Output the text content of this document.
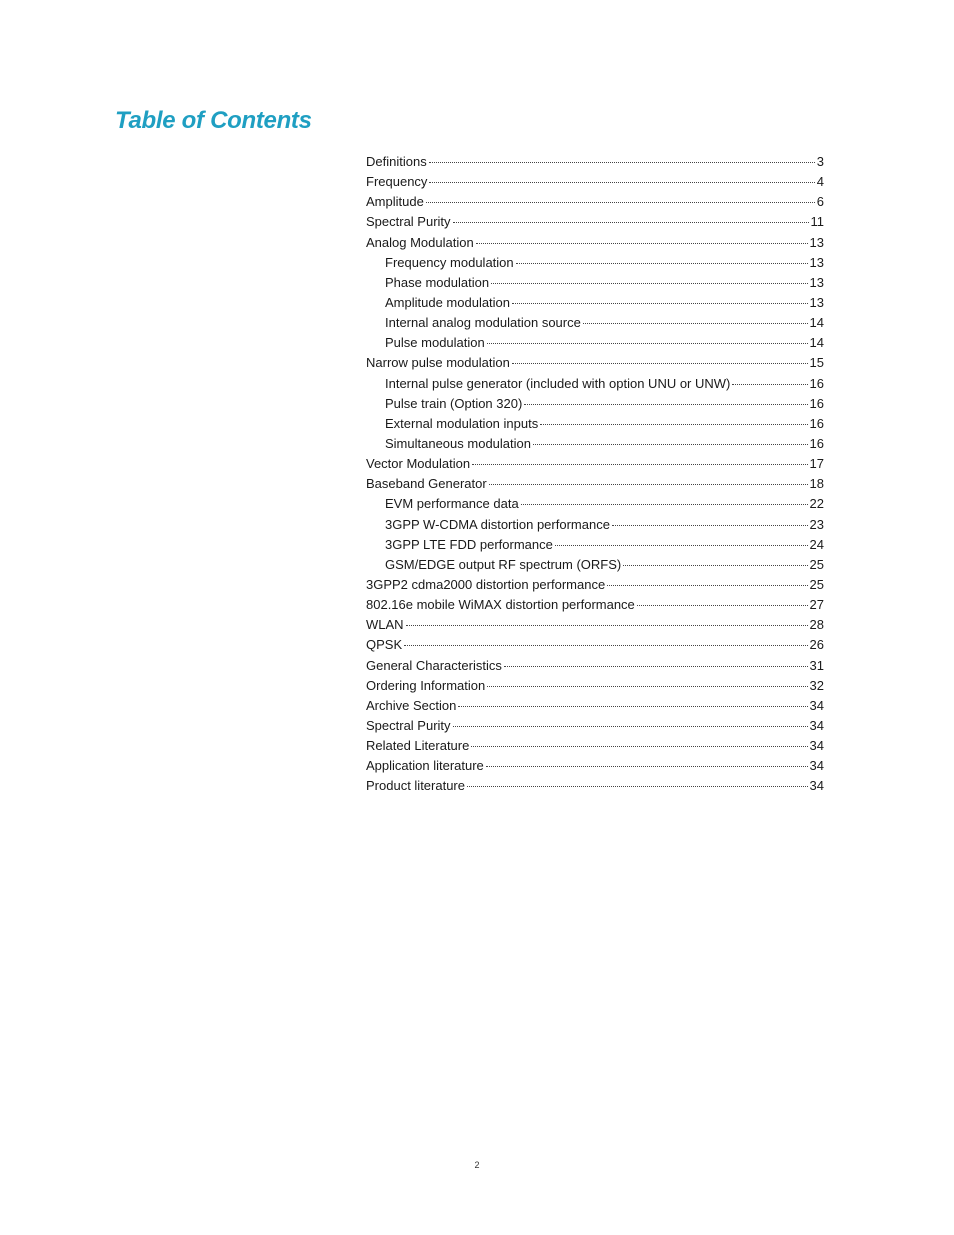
Table of Contents
Definitions	3
Frequency	4
Amplitude	6
Spectral Purity	11
Analog Modulation	13
Frequency modulation	13
Phase modulation	13
Amplitude modulation	13
Internal analog modulation source	14
Pulse modulation	14
Narrow pulse modulation	15
Internal pulse generator (included with option UNU or UNW)	16
Pulse train (Option 320)	16
External modulation inputs	16
Simultaneous modulation	16
Vector Modulation	17
Baseband Generator	18
EVM performance data	22
3GPP W-CDMA distortion performance	23
3GPP LTE FDD performance	24
GSM/EDGE output RF spectrum (ORFS)	25
3GPP2 cdma2000 distortion performance	25
802.16e mobile WiMAX distortion performance	27
WLAN	28
QPSK	26
General Characteristics	31
Ordering Information	32
Archive Section	34
Spectral Purity	34
Related Literature	34
Application literature	34
Product literature	34
2
